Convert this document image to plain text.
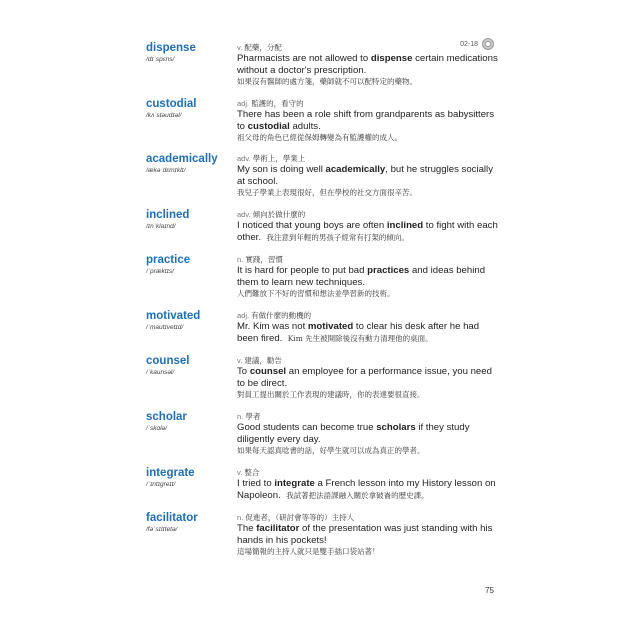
02-18
dispense
/dɪˈspɛns/
v. 配藥，分配
Pharmacists are not allowed to dispense certain medications without a doctor's prescription.
如果沒有醫師的處方箋，藥師就不可以配特定的藥物。
custodial
/kʌˈstəudɪəl/
adj. 監護的，看守的
There has been a role shift from grandparents as babysitters to custodial adults.
祖父母的角色已經從保姆轉變為有監護權的成人。
academically
/ækəˈdɛmɪklɪ/
adv. 學術上，學業上
My son is doing well academically, but he struggles socially at school.
我兒子學業上表現很好，但在學校的社交方面很辛苦。
inclined
/ɪnˈklaɪnd/
adv. 傾向於做什麼的
I noticed that young boys are often inclined to fight with each other. 我注意到年輕的男孩子經常有打架的傾向。
practice
/ˈpræktɪs/
n. 實踐，習慣
It is hard for people to put bad practices and ideas behind them to learn new techniques.
人們難放下不好的習慣和想法並學習新的技術。
motivated
/ˈmautɪvetɪd/
adj. 有做什麼的動機的
Mr. Kim was not motivated to clear his desk after he had been fired. Kim 先生被開除後沒有動力清理他的桌面。
counsel
/ˈkaunsəl/
v. 建議，勸告
To counsel an employee for a performance issue, you need to be direct.
對員工提出關於工作表現的建議時，你的表達要很直接。
scholar
/ˈskɑlə/
n. 學者
Good students can become true scholars if they study diligently every day.
如果每天認真唸書的話，好學生就可以成為真正的學者。
integrate
/ˈɪntɪgreɪt/
v. 整合
I tried to integrate a French lesson into my History lesson on Napoleon. 我試著把法語課融入關於拿破崙的歷史課。
facilitator
/fəˈsɪlɪtetə/
n. 促進者，（研討會等等的）主持人
The facilitator of the presentation was just standing with his hands in his pockets!
這場簡報的主持人就只是雙手插口袋站著！
75
